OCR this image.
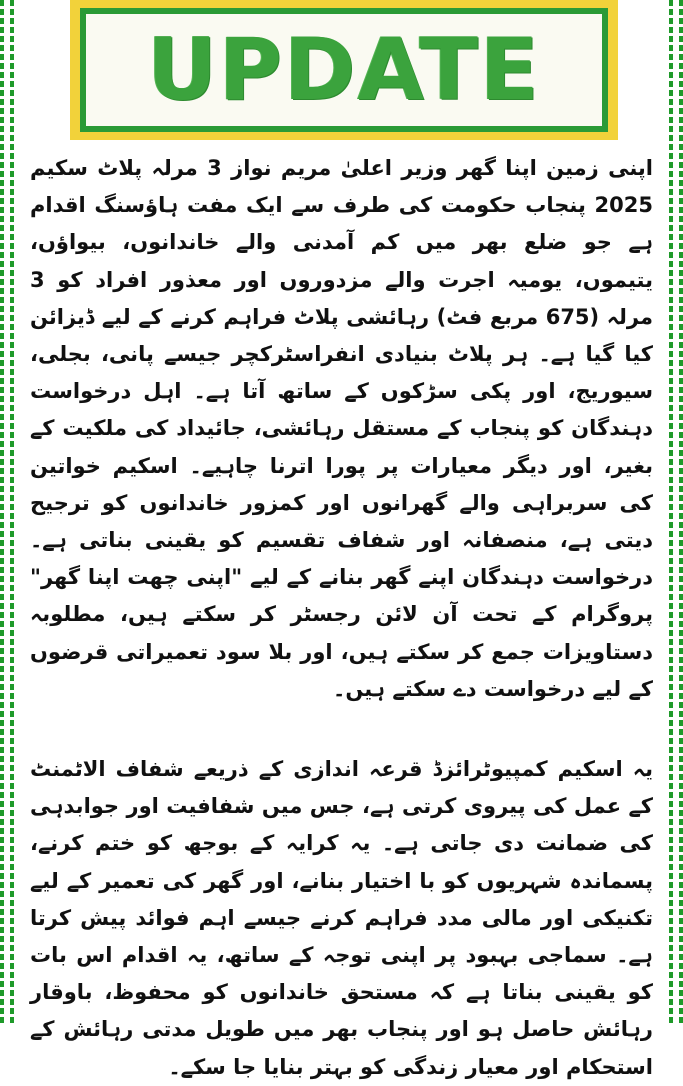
UPDATE

اپنی زمین اپنا گھر وزیر اعلیٰ مریم نواز 3 مرلہ پلاٹ سکیم 2025 پنجاب حکومت کی طرف سے ایک مفت ہاؤسنگ اقدام ہے جو ضلع بھر میں کم آمدنی والے خاندانوں، بیواؤں، یتیموں، یومیہ اجرت والے مزدوروں اور معذور افراد کو 3 مرلہ (675 مربع فٹ) رہائشی پلاٹ فراہم کرنے کے لیے ڈیزائن کیا گیا ہے۔ ہر پلاٹ بنیادی انفراسٹرکچر جیسے پانی، بجلی، سیوریج، اور پکی سڑکوں کے ساتھ آتا ہے۔ اہل درخواست دہندگان کو پنجاب کے مستقل رہائشی، جائیداد کی ملکیت کے بغیر، اور دیگر معیارات پر پورا اترنا چاہیے۔ اسکیم خواتین کی سربراہی والے گھرانوں اور کمزور خاندانوں کو ترجیح دیتی ہے، منصفانہ اور شفاف تقسیم کو یقینی بناتی ہے۔ درخواست دہندگان اپنے گھر بنانے کے لیے "اپنی چھت اپنا گھر" پروگرام کے تحت آن لائن رجسٹر کر سکتے ہیں، مطلوبہ دستاویزات جمع کر سکتے ہیں، اور بلا سود تعمیراتی قرضوں کے لیے درخواست دے سکتے ہیں۔

یہ اسکیم کمپیوٹرائزڈ قرعہ اندازی کے ذریعے شفاف الاٹمنٹ کے عمل کی پیروی کرتی ہے، جس میں شفافیت اور جوابدہی کی ضمانت دی جاتی ہے۔ یہ کرایہ کے بوجھ کو ختم کرنے، پسماندہ شہریوں کو با اختیار بنانے، اور گھر کی تعمیر کے لیے تکنیکی اور مالی مدد فراہم کرنے جیسے اہم فوائد پیش کرتا ہے۔ سماجی بہبود پر اپنی توجہ کے ساتھ، یہ اقدام اس بات کو یقینی بناتا ہے کہ مستحق خاندانوں کو محفوظ، باوقار رہائش حاصل ہو اور پنجاب بھر میں طویل مدتی رہائش کے استحکام اور معیار زندگی کو بہتر بنایا جا سکے۔
